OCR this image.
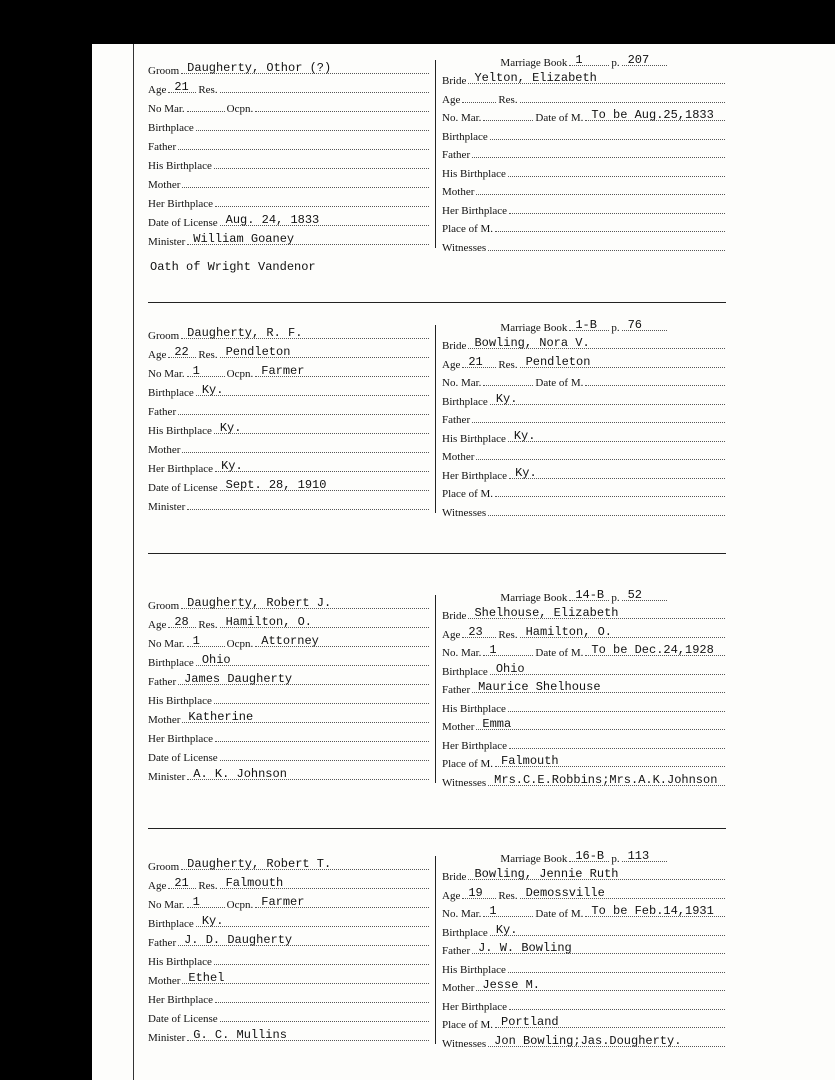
Groom Daugherty, Othor (?)
Age 21 Res.
No Mar.	Ocpn.
Birthplace
Father
His Birthplace
Mother
Her Birthplace
Date of License Aug. 24, 1833
Minister William Goaney
Marriage Book 1	p. 207
Bride Yelton, Elizabeth
Age	Res.
No. Mar.	Date of M. To be Aug.25,1833
Birthplace
Father
His Birthplace
Mother
Her Birthplace
Place of M.
Witnesses
Oath of Wright Vandenor
Groom Daugherty, R. F.
Age 22 Res. Pendleton
No Mar. 1 Ocpn. Farmer
Birthplace Ky.
Father
His Birthplace Ky.
Mother
Her Birthplace Ky.
Date of License Sept. 28, 1910
Minister
Marriage Book 1-B p. 76
Bride Bowling, Nora V.
Age 21 Res. Pendleton
No. Mar.	Date of M.
Birthplace Ky.
Father
His Birthplace Ky.
Mother
Her Birthplace Ky.
Place of M.
Witnesses
Groom Daugherty, Robert J.
Age 28 Res. Hamilton, O.
No Mar. 1 Ocpn. Attorney
Birthplace Ohio
Father James Daugherty
His Birthplace
Mother Katherine
Her Birthplace
Date of License
Minister A. K. Johnson
Marriage Book 14-B p. 52
Bride Shelhouse, Elizabeth
Age 23 Res. Hamilton, O.
No. Mar. 1	Date of M. To be Dec.24,1928
Birthplace Ohio
Father Maurice Shelhouse
His Birthplace
Mother Emma
Her Birthplace
Place of M. Falmouth
Witnesses Mrs.C.E.Robbins;Mrs.A.K.Johnson
Groom Daugherty, Robert T.
Age 21 Res. Falmouth
No Mar. 1 Ocpn. Farmer
Birthplace Ky.
Father J. D. Daugherty
His Birthplace
Mother Ethel
Her Birthplace
Date of License
Minister G. C. Mullins
Marriage Book 16-B p. 113
Bride Bowling, Jennie Ruth
Age 19 Res. Demossville
No. Mar. 1	Date of M. To be Feb.14,1931
Birthplace Ky.
Father J. W. Bowling
His Birthplace
Mother Jesse M.
Her Birthplace
Place of M. Portland
Witnesses Jon Bowling;Jas.Dougherty.
